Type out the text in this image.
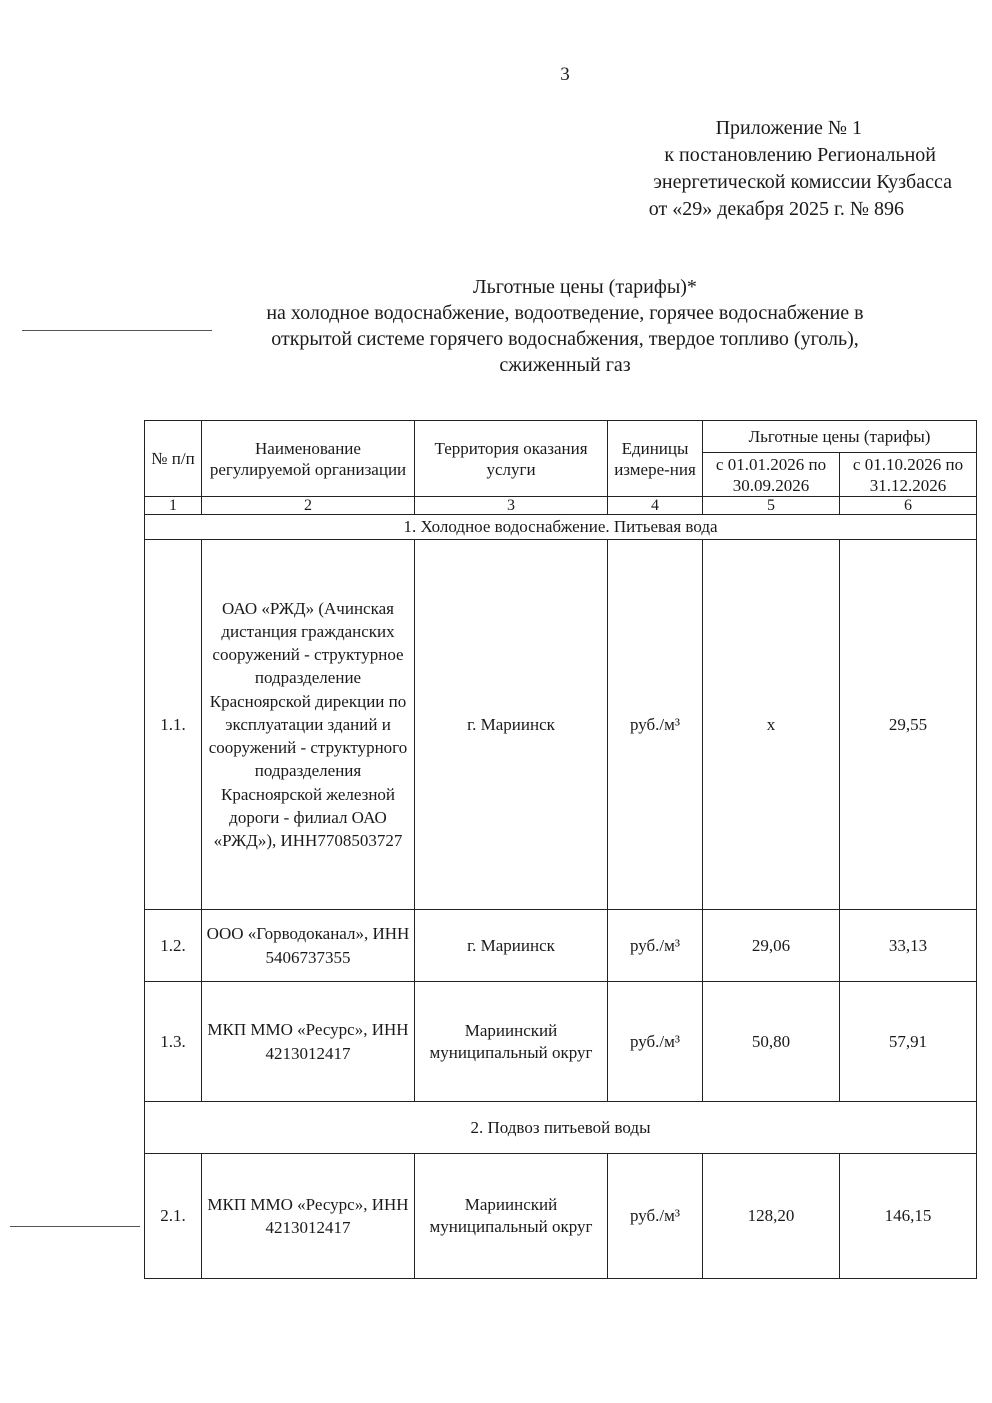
3
Приложение № 1
к постановлению Региональной
энергетической комиссии Кузбасса
от «29» декабря 2025 г. № 896
Льготные цены (тарифы)*
на холодное водоснабжение, водоотведение, горячее водоснабжение в
открытой системе горячего водоснабжения, твердое топливо (уголь),
сжиженный газ
№ п/п	Наименование регулируемой организации	Территория оказания услуги	Единицы измере-ния	Льготные цены (тарифы)	
				с 01.01.2026 по 30.09.2026	с 01.10.2026 по 31.12.2026
1	2	3	4	5	6
1. Холодное водоснабжение. Питьевая вода					
1.1.	ОАО «РЖД» (Ачинская дистанция гражданских сооружений - структурное подразделение Красноярской дирекции по эксплуатации зданий и сооружений - структурного подразделения Красноярской железной дороги - филиал ОАО «РЖД»), ИНН7708503727	г. Мариинск	руб./м³	х	29,55
1.2.	ООО «Горводоканал», ИНН 5406737355	г. Мариинск	руб./м³	29,06	33,13
1.3.	МКП ММО «Ресурс», ИНН 4213012417	Мариинский муниципальный округ	руб./м³	50,80	57,91
2. Подвоз питьевой воды					
2.1.	МКП ММО «Ресурс», ИНН 4213012417	Мариинский муниципальный округ	руб./м³	128,20	146,15
